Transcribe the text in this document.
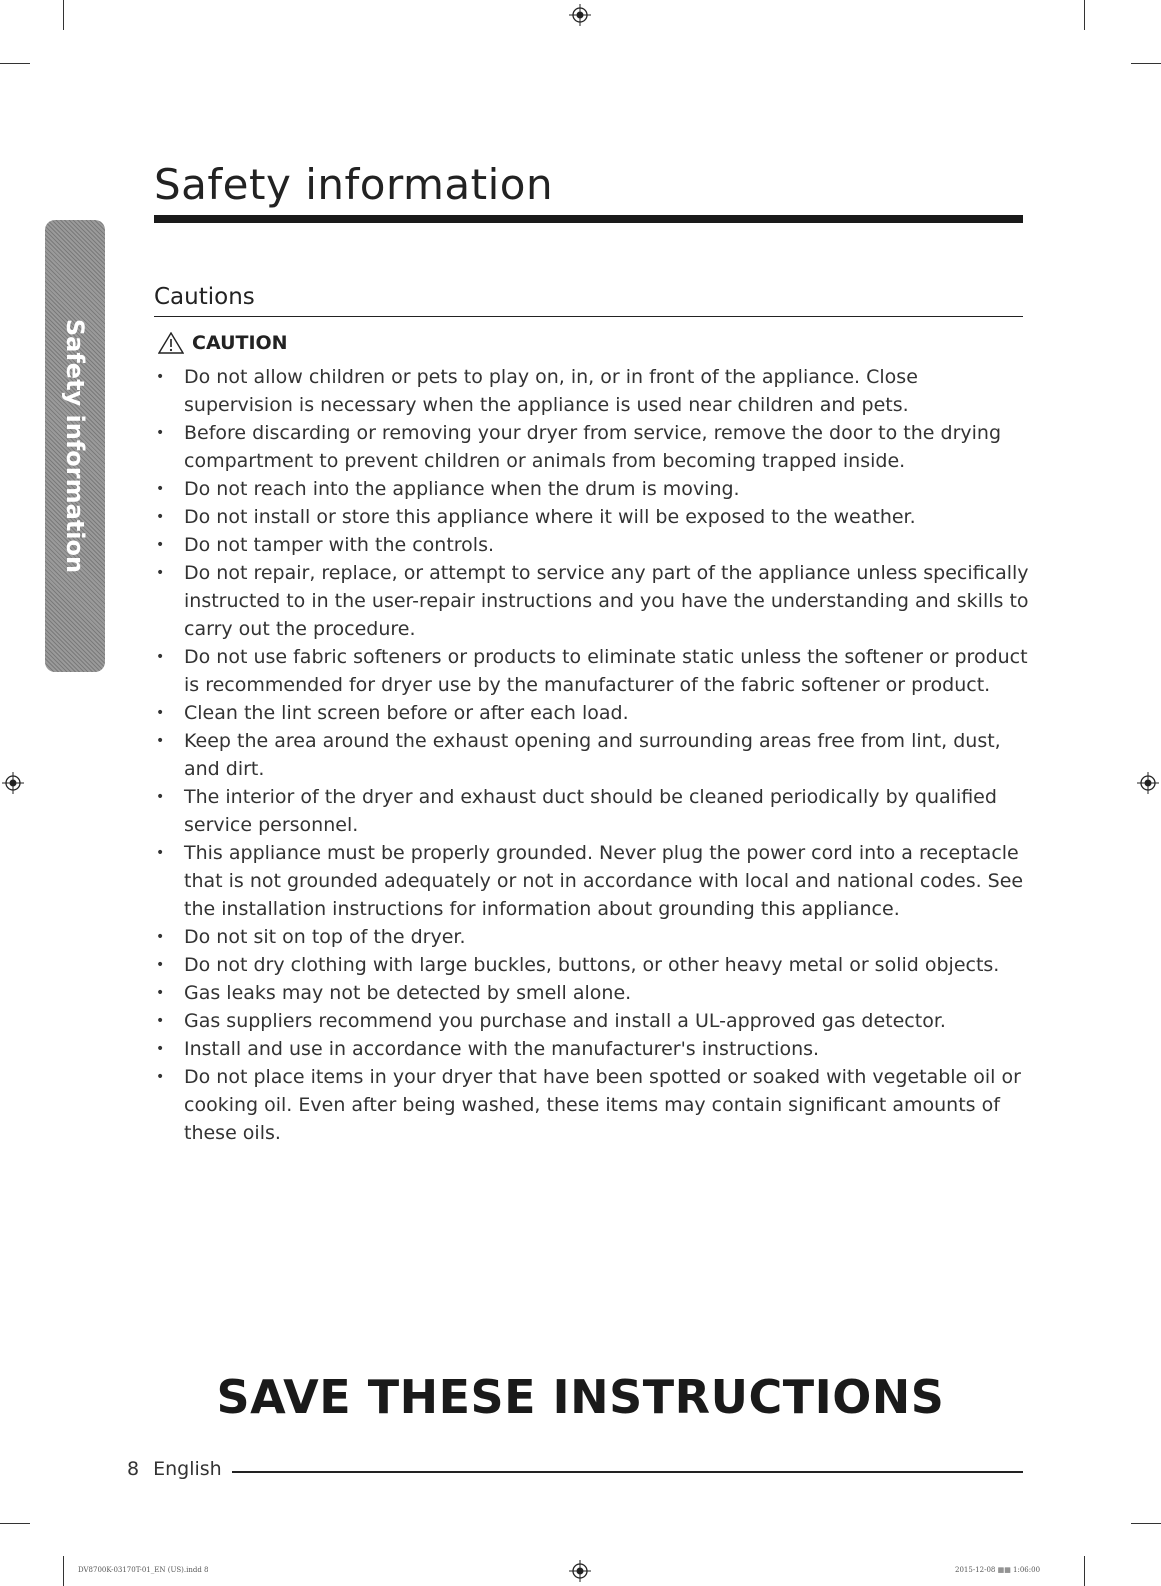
Safety information
Safety information
Cautions
CAUTION
• Do not allow children or pets to play on, in, or in front of the appliance. Close supervision is necessary when the appliance is used near children and pets.
• Before discarding or removing your dryer from service, remove the door to the drying compartment to prevent children or animals from becoming trapped inside.
• Do not reach into the appliance when the drum is moving.
• Do not install or store this appliance where it will be exposed to the weather.
• Do not tamper with the controls.
• Do not repair, replace, or attempt to service any part of the appliance unless specifically instructed to in the user-repair instructions and you have the understanding and skills to carry out the procedure.
• Do not use fabric softeners or products to eliminate static unless the softener or product is recommended for dryer use by the manufacturer of the fabric softener or product.
• Clean the lint screen before or after each load.
• Keep the area around the exhaust opening and surrounding areas free from lint, dust, and dirt.
• The interior of the dryer and exhaust duct should be cleaned periodically by qualified service personnel.
• This appliance must be properly grounded. Never plug the power cord into a receptacle that is not grounded adequately or not in accordance with local and national codes. See the installation instructions for information about grounding this appliance.
• Do not sit on top of the dryer.
• Do not dry clothing with large buckles, buttons, or other heavy metal or solid objects.
• Gas leaks may not be detected by smell alone.
• Gas suppliers recommend you purchase and install a UL-approved gas detector.
• Install and use in accordance with the manufacturer's instructions.
• Do not place items in your dryer that have been spotted or soaked with vegetable oil or cooking oil. Even after being washed, these items may contain significant amounts of these oils.
SAVE THESE INSTRUCTIONS
8 English
DV8700K-03170T-01_EN (US).indd 8	2015-12-08 ▦▦ 1:06:00
